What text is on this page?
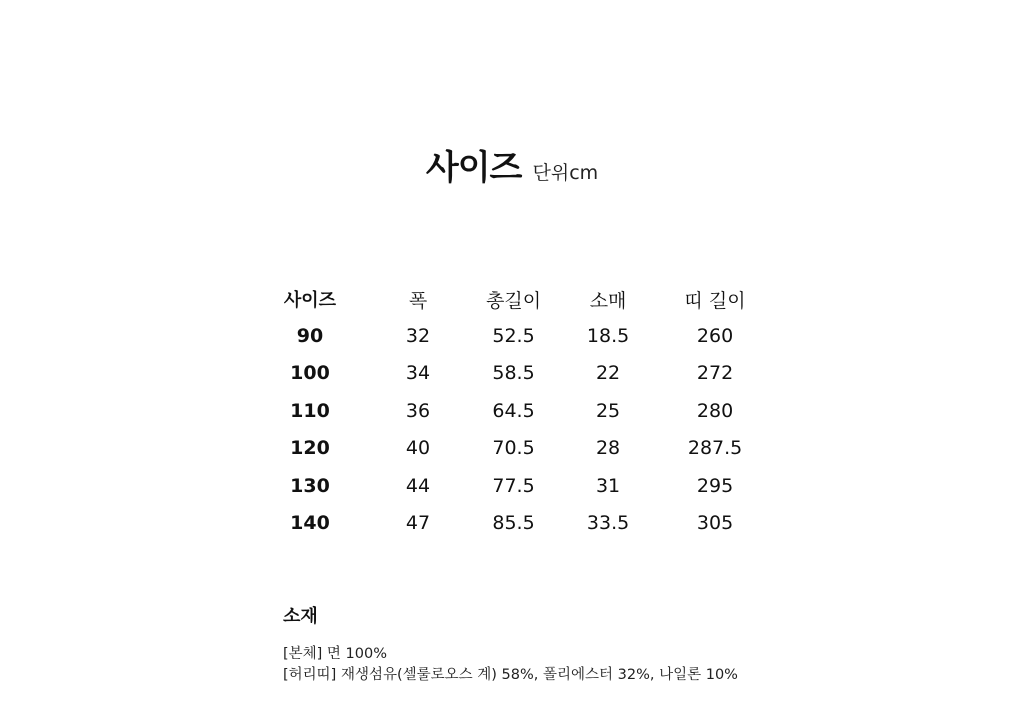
사이즈 단위cm
사이즈	폭	총길이	소매	띠 길이	
90	32	52.5	18.5	260	
100	34	58.5	22	272	
110	36	64.5	25	280	
120	40	70.5	28	287.5	
130	44	77.5	31	295	
140	47	85.5	33.5	305	
소재
[본체] 면 100%
[허리띠] 재생섬유(셀룰로오스 계) 58%, 폴리에스터 32%, 나일론 10%
